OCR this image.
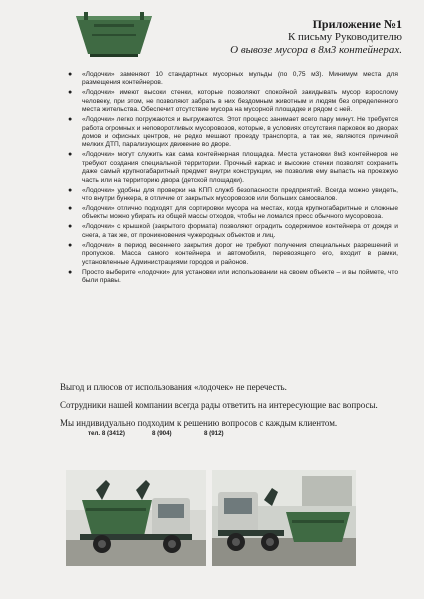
Приложение №1
К письму Руководителю
О вывозе мусора в 8м3 контейнерах.
● «Лодочки» заменяют 10 стандартных мусорных мульды (по 0,75 м3). Минимум места для размещения контейнеров.
● «Лодочки» имеют высоки стенки, которые позволяют спокойной закидывать мусор взрослому человеку, при этом, не позволяют забрать в них бездомным животным и людям без определенного места жительства. Обеспечит отсутствие мусора на мусорной площадке и рядом с ней.
● «Лодочки» легко погружаются и выгружаются. Этот процесс занимает всего пару минут. Не требуется работа огромных и неповоротливых мусоровозов, которые, в условиях отсутствия парковок во дворах домов и офисных центров, не редко мешают проезду транспорта, а так же, являются причиной мелких ДТП, парализующих движение во дворе.
● «Лодочки» могут служить как сама контейнерная площадка. Места установки 8м3 контейнеров не требуют создания специальной территории. Прочный каркас и высокие стенки позволят сохранить даже самый крупногабаритный предмет внутри конструкции, не позволив ему выпасть на проезжую часть или на территорию двора (детской площадки).
● «Лодочки» удобны для проверки на КПП служб безопасности предприятий. Всегда можно увидеть, что внутри бункера, в отличие от закрытых мусоровозов или больших самосвалов.
● «Лодочки» отлично подходят для сортировки мусора на местах, когда крупногабаритные и сложные объекты можно убирать из общей массы отходов, чтобы не ломался пресс обычного мусоровоза.
● «Лодочки» с крышкой (закрытого формата) позволяют оградить содержимое контейнера от дождя и снега, а так же, от проникновения чужеродных объектов и лиц.
● «Лодочки» в период весеннего закрытия дорог не требуют получения специальных разрешений и пропусков. Масса самого контейнера и автомобиля, перевозящего его, входит в рамки, установленные Администрациями городов и районов.
● Просто выберите «лодочки» для установки или использовании на своем объекте – и вы поймете, что были правы.

Выгод и плюсов от использования «лодочек» не перечесть.

Сотрудники нашей компании всегда рады ответить на интересующие вас вопросы.

Мы индивидуально подходим к решению вопросов с каждым клиентом.

тел. 8 (3412)	8 (904)	8 (912)
